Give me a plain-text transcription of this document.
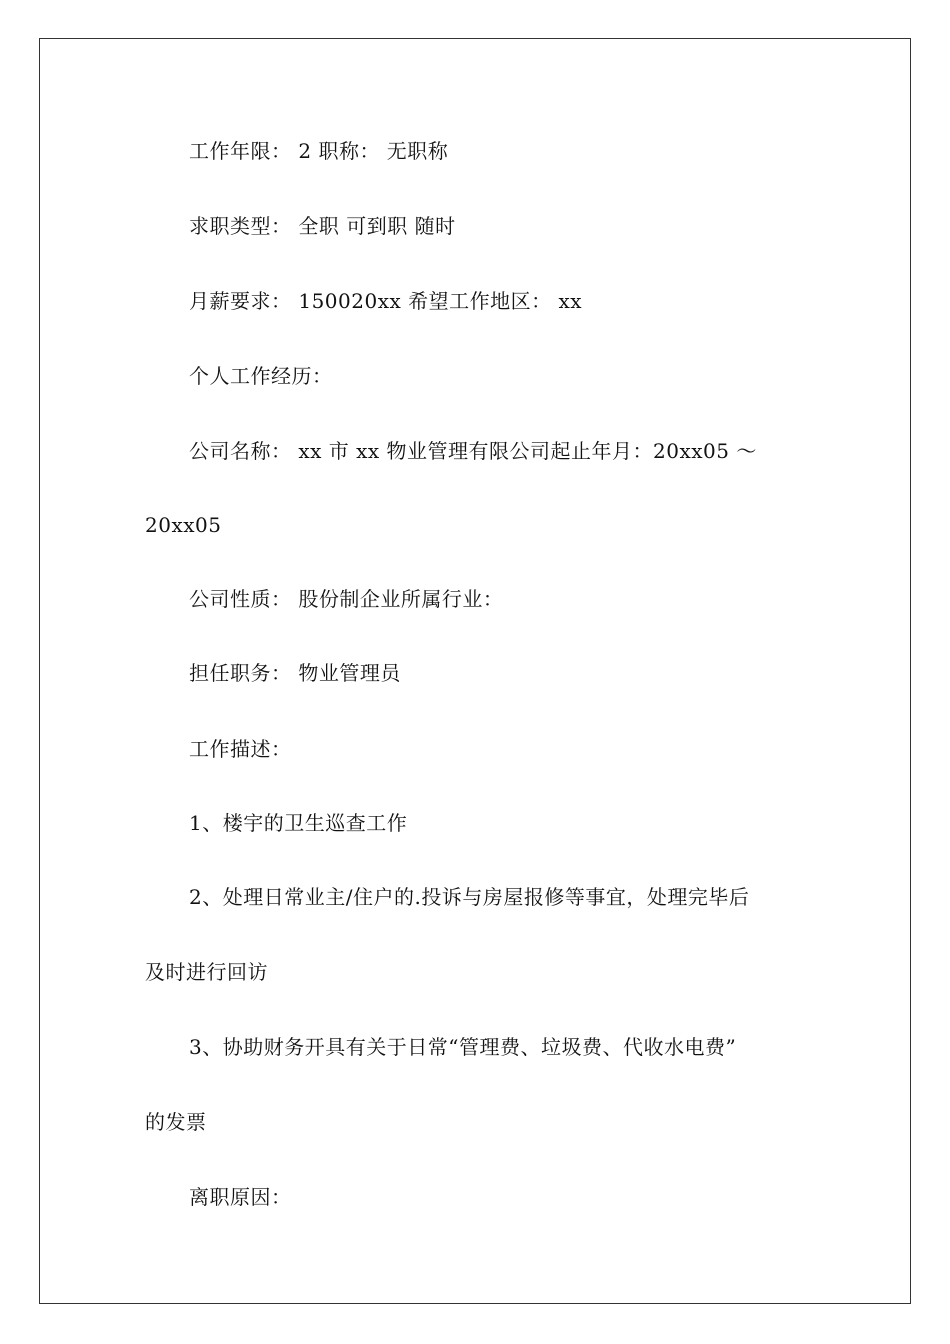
工作年限： 2 职称： 无职称
求职类型： 全职 可到职 随时
月薪要求： 150020xx 希望工作地区： xx
个人工作经历：
公司名称： xx 市 xx 物业管理有限公司起止年月：20xx05 ～
20xx05
公司性质： 股份制企业所属行业：
担任职务： 物业管理员
工作描述：
1、楼宇的卫生巡查工作
2、处理日常业主/住户的.投诉与房屋报修等事宜，处理完毕后
及时进行回访
3、协助财务开具有关于日常“管理费、垃圾费、代收水电费”
的发票
离职原因：
